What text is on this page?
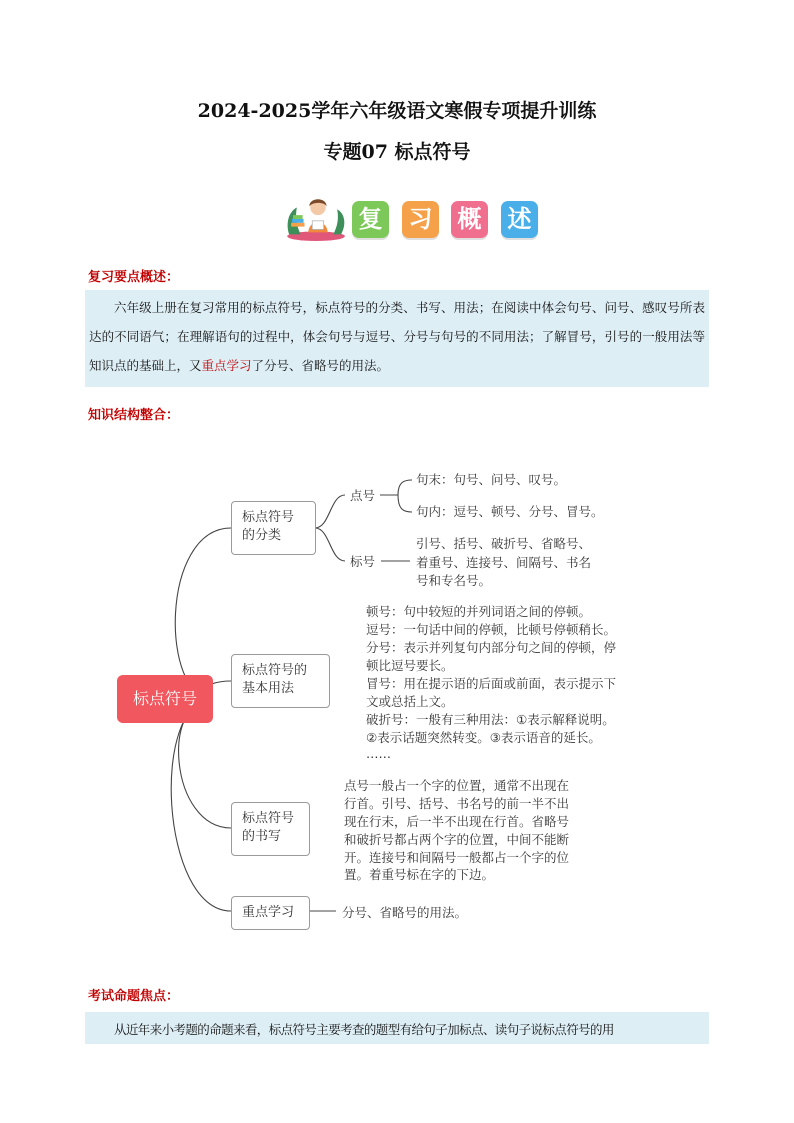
2024-2025学年六年级语文寒假专项提升训练
专题07 标点符号
复 习 概 述
复习要点概述：

六年级上册在复习常用的标点符号，标点符号的分类、书写、用法；在阅读中体会句号、问号、感叹号所表达的不同语气；在理解语句的过程中，体会句号与逗号、分号与句号的不同用法；了解冒号，引号的一般用法等知识点的基础上，又重点学习了分号、省略号的用法。

知识结构整合：
标点符号
标点符号的分类
点号
句末：句号、问号、叹号。
句内：逗号、顿号、分号、冒号。
标号
引号、括号、破折号、省略号、着重号、连接号、间隔号、书名号和专名号。
标点符号的基本用法
顿号：句中较短的并列词语之间的停顿。
逗号：一句话中间的停顿，比顿号停顿稍长。
分号：表示并列复句内部分句之间的停顿，停
顿比逗号要长。
冒号：用在提示语的后面或前面，表示提示下
文或总括上文。
破折号：一般有三种用法：①表示解释说明。
②表示话题突然转变。③表示语音的延长。
……
标点符号的书写
点号一般占一个字的位置，通常不出现在
行首。引号、括号、书名号的前一半不出
现在行末，后一半不出现在行首。省略号
和破折号都占两个字的位置，中间不能断
开。连接号和间隔号一般都占一个字的位
置。着重号标在字的下边。
重点学习	分号、省略号的用法。
考试命题焦点：

从近年来小考题的命题来看，标点符号主要考查的题型有给句子加标点、读句子说标点符号的用
